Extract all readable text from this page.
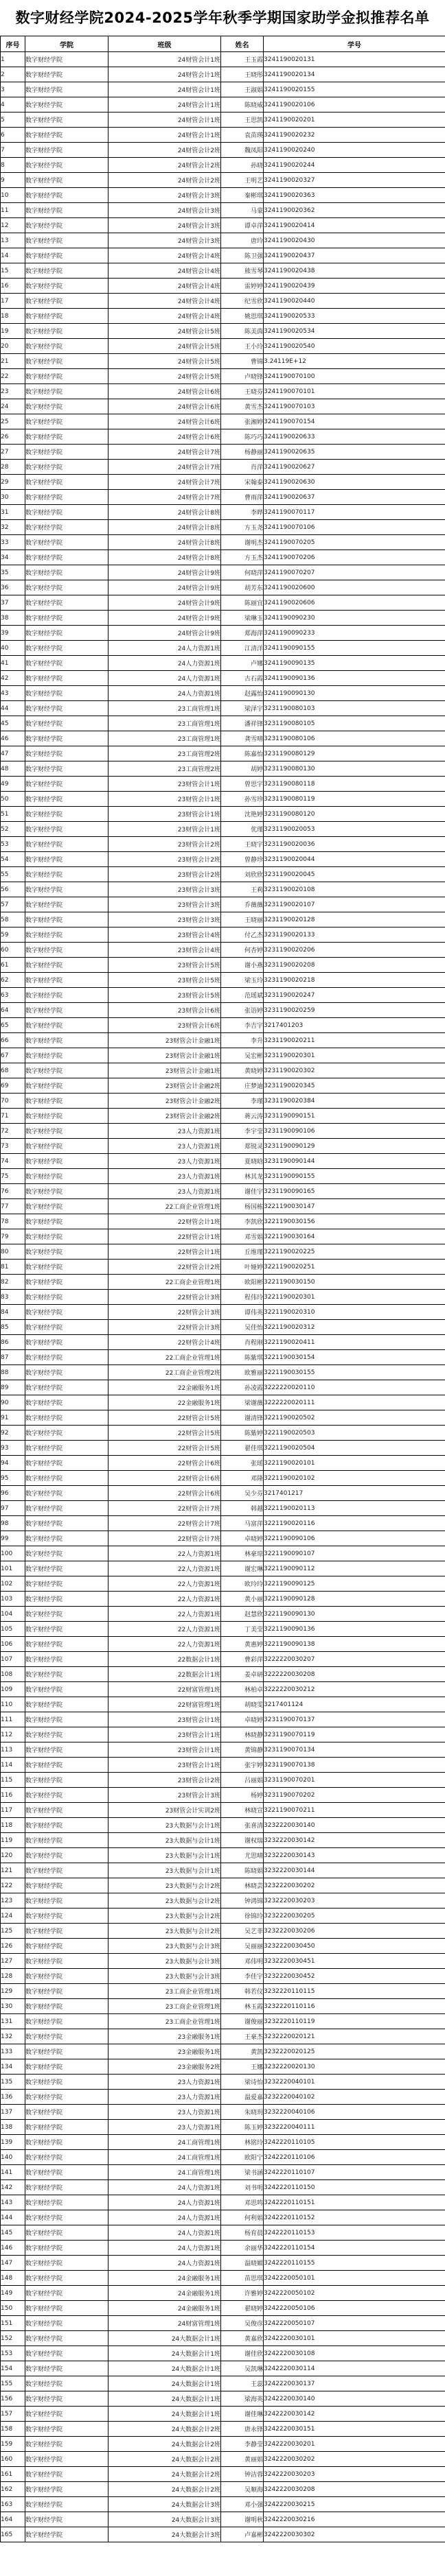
数字财经学院2024-2025学年秋季学期国家助学金拟推荐名单
序号	学院	班级	姓名	学号
1	数字财经学院	24财管会计1班	王玉霞	3241190020131
2	数字财经学院	24财管会计1班	王晓彤	3241190020134
3	数字财经学院	24财管会计1班	王淑娟	3241190020155
4	数字财经学院	24财管会计1班	陈晓威	3241190020106
5	数字财经学院	24财管会计1班	王思凯	3241190020201
6	数字财经学院	24财管会计1班	袁苗瑛	3241190020232
7	数字财经学院	24财管会计2班	魏凤阳	3241190020240
8	数字财经学院	24财管会计2班	孙晓	3241190020244
9	数字财经学院	24财管会计2班	王明艺	3241190020327
10	数字财经学院	24财管会计3班	秦彬琪	3241190020363
11	数字财经学院	24财管会计3班	马蒙	3241190020362
12	数字财经学院	24财管会计3班	谭卓萍	3241190020414
13	数字财经学院	24财管会计3班	唐玲	3241190020430
14	数字财经学院	24财管会计4班	陈卫强	3241190020437
15	数字财经学院	24财管会计4班	熊雪琴	3241190020438
16	数字财经学院	24财管会计4班	雷婷婷	3241190020439
17	数字财经学院	24财管会计4班	纪雪欣	3241190020440
18	数字财经学院	24财管会计4班	姚思琪	3241190020533
19	数字财经学院	24财管会计5班	陈美茵	3241190020534
20	数字财经学院	24财管会计5班	王小玲	3241190020540
21	数字财经学院	24财管会计5班	曹锦	3.24119E+12
22	数字财经学院	24财管会计5班	卢晓锋	3241190070100
23	数字财经学院	24财管会计6班	王晓芬	3241190070101
24	数字财经学院	24财管会计6班	黄雪杰	3241190070103
25	数字财经学院	24财管会计6班	张湘婷	3241190070154
26	数字财经学院	24财管会计6班	陈巧巧	3241190020633
27	数字财经学院	24财管会计7班	杨静丽	3241190020635
28	数字财经学院	24财管会计7班	肖萍	3241190020627
29	数字财经学院	24财管会计7班	宋翰泰	3241190020630
30	数字财经学院	24财管会计7班	曹雨萍	3241190020637
31	数字财经学院	24财管会计8班	李晔	3241190070117
32	数字财经学院	24财管会计8班	方玉尧	3241190070106
33	数字财经学院	24财管会计8班	谢明杰	3241190070205
34	数字财经学院	24财管会计8班	方玉杰	3241190070206
35	数字财经学院	24财管会计9班	何晓萍	3241190070207
36	数字财经学院	24财管会计9班	胡芳东	3241190020600
37	数字财经学院	24财管会计9班	陈丽宜	3241190020606
38	数字财经学院	24财管会计9班	梁琳玉	3241190090230
39	数字财经学院	24财管会计9班	郑海萍	3241190090233
40	数字财经学院	24人力资源1班	江清洋	3241190090155
41	数字财经学院	24人力资源1班	卢娜	3241190090135
42	数字财经学院	24人力资源1班	古石霞	3241190090136
43	数字财经学院	24人力资源1班	赵露怡	3241190090130
44	数字财经学院	23工商管理1班	梁泽宇	3231190080103
45	数字财经学院	23工商管理1班	潘祥锋	3231190080105
46	数字财经学院	23工商管理1班	龚雪晴	3231190080106
47	数字财经学院	23工商管理2班	陈嘉怡	3231190080129
48	数字财经学院	23工商管理2班	胡婷	3231190080130
49	数字财经学院	23财管会计1班	曾思宇	3231190080118
50	数字财经学院	23财管会计1班	孙雪珍	3231190080119
51	数字财经学院	23财管会计1班	沈艳婷	3231190080120
52	数字财经学院	23财管会计1班	优瑾	3231190020053
53	数字财经学院	23财管会计2班	王晓宇	3231190020036
54	数字财经学院	23财管会计2班	曾静珍	3231190020044
55	数字财经学院	23财管会计2班	刘欣欣	3231190020045
56	数字财经学院	23财管会计3班	王莉	3231190020108
57	数字财经学院	23财管会计3班	乔薇薇	3231190020107
58	数字财经学院	23财管会计3班	王晓丽	3231190020128
59	数字财经学院	23财管会计4班	付乙杰	3231190020133
60	数字财经学院	23财管会计4班	何杏婷	3231190020206
61	数字财经学院	23财管会计5班	谢小燕	3231190020208
62	数字财经学院	23财管会计5班	梁玉玲	3231190020218
63	数字财经学院	23财管会计5班	范瑶斌	3231190020247
64	数字财经学院	23财管会计6班	张语婷	3231190020259
65	数字财经学院	23财管会计6班	李吉宇	3217401203
66	数字财经学院	23财管会计金融1班	李升	3231190020211
67	数字财经学院	23财管会计金融1班	吴宏彬	3231190020301
68	数字财经学院	23财管会计金融1班	黄晓婷	3231190020302
69	数字财经学院	23财管会计金融2班	庄梦迪	3231190020345
70	数字财经学院	23财管会计金融2班	李瑾	3231190020384
71	数字财经学院	23财管会计金融2班	蒋云涛	3231190090151
72	数字财经学院	23人力资源1班	李宇莹	3231190090106
73	数字财经学院	23人力资源1班	郑锐灵	3231190090129
74	数字财经学院	23人力资源1班	夏晓晗	3231190090144
75	数字财经学院	23人力资源1班	林其龙	3231190090155
76	数字财经学院	23人力资源1班	谢佳宇	3231190090165
77	数字财经学院	22工商企业管理1班	杨国栋	3221190030147
78	数字财经学院	22财管会计1班	李凯欣	3221190030156
79	数字财经学院	22财管会计1班	邓雪娟	3221190030164
80	数字财经学院	22财管会计1班	丘维瑾	3221190020225
81	数字财经学院	22财管会计2班	叶娅婷	3221190020251
82	数字财经学院	22工商企业管理1班	欧阳彬	3221190030150
83	数字财经学院	22财管会计3班	程伟玲	3221190020301
84	数字财经学院	22财管会计3班	谭伟英	3221190020310
85	数字财经学院	22财管会计3班	吴佳怡	3221190020312
86	数字财经学院	22财管会计4班	肖程刚	3221190020411
87	数字财经学院	22工商企业管理1班	陈紫琪	3221190030154
88	数字财经学院	22工商企业管理2班	欧雅丽	3221190030155
89	数字财经学院	22金融服务1班	孙凌霞	3222220020110
90	数字财经学院	22金融服务1班	梁谢薇	3222220020111
91	数字财经学院	22财管会计5班	谢清锋	3221190020502
92	数字财经学院	22财管会计5班	陈紫婷	3221190020503
93	数字财经学院	22财管会计5班	翟佳琪	3221190020504
94	数字财经学院	22财管会计6班	张瑶	3221190020101
95	数字财经学院	22财管会计6班	邓隆	3221190020102
96	数字财经学院	22财管会计6班	吴少芬	3217401217
97	数字财经学院	22财管会计7班	韩越	3221190020113
98	数字财经学院	22财管会计7班	马富萍	3221190020116
99	数字财经学院	22财管会计7班	卓晓婷	3221190090106
100	数字财经学院	22人力资源1班	林豪琼	3221190090107
101	数字财经学院	22人力资源1班	谢宏琳	3221190090112
102	数字财经学院	22人力资源1班	欧玲玲	3221190090125
103	数字财经学院	22人力资源1班	黄小丽	3221190090128
104	数字财经学院	22人力资源1班	赵慧欣	3221190090130
105	数字财经学院	22人力资源1班	丁美莹	3221190090136
106	数字财经学院	22人力资源1班	黄惠婷	3221190090138
107	数字财经学院	22数据会计1班	曹彩萍	3222220030207
108	数字财经学院	22数据会计1班	姜卓研	3222220030208
109	数字财经学院	22财富管理1班	林柏卓	3222220030212
110	数字财经学院	22财富管理1班	胡晓雯	3217401124
111	数字财经学院	23财管会计1班	卓晓婷	3231190070137
112	数字财经学院	23财管会计1班	林晓静	3231190070119
113	数字财经学院	23财管会计1班	黄锦静	3231190070134
114	数字财经学院	23财管会计1班	张宇婷	3231190070138
115	数字财经学院	23财管会计2班	吕丽娟	3231190070201
116	数字财经学院	23财管会计3班	杨婷	3231190070202
117	数字财经学院	23财管会计实训2班	林晓宣	3221190070211
118	数字财经学院	23大数据与会计1班	张喜清	3232220030140
119	数字财经学院	23大数据与会计1班	谢权瑞	3232220030142
120	数字财经学院	23大数据与会计1班	尤思晴	3232220030143
121	数字财经学院	23大数据与会计1班	陈晓娟	3232220030144
122	数字财经学院	23大数据与会计2班	林晓芸	3232220030202
123	数字财经学院	23大数据与会计2班	钟鸿锦	3232220030203
124	数字财经学院	23大数据与会计2班	徐锦玲	3232220030205
125	数字财经学院	23大数据与会计2班	吴艺菲	3232220030206
126	数字财经学院	23大数据与会计3班	吴丽丽	3232220030450
127	数字财经学院	23大数据与会计3班	邓伟明	3232220030451
128	数字财经学院	23大数据与会计3班	李佳宇	3232220030452
129	数字财经学院	23工商企业管理1班	韩若仪	3232220110115
130	数字财经学院	23工商企业管理1班	林玉霞	3232220110116
131	数字财经学院	23工商企业管理1班	谢俊丽	3232220110119
132	数字财经学院	23金融服务1班	王豪杰	3232220020121
133	数字财经学院	23金融服务1班	黄凯	3232220020125
134	数字财经学院	23金融服务2班	王娜	3232220020130
135	数字财经学院	23人力资源1班	梁诗怡	3232220040101
136	数字财经学院	23人力资源1班	温爱嘉	3232220040102
137	数字财经学院	23人力资源1班	朱晓玥	3232220040106
138	数字财经学院	23人力资源1班	陈玉婷	3232220040111
139	数字财经学院	24工商管理1班	林铭玲	3242220110105
140	数字财经学院	24工商管理1班	欧阳宁	3242220110106
141	数字财经学院	24工商管理1班	梁书涵	3242220110107
142	数字财经学院	24人力资源1班	刘书明	3242220110150
143	数字财经学院	24人力资源1班	邓思鸣	3242220110151
144	数字财经学院	24人力资源1班	何利娟	3242220110152
145	数字财经学院	24人力资源1班	杨育晨	3242220110153
146	数字财经学院	24人力资源1班	余丽华	3242220110154
147	数字财经学院	24人力资源1班	温晓媚	3242220110155
148	数字财经学院	24金融服务1班	苗思琪	3242220050101
149	数字财经学院	24金融服务1班	许雅婷	3242220050102
150	数字财经学院	24金融服务1班	翟晓婷	3242220050106
151	数字财经学院	24财富管理1班	吴俊彦	3242220050107
152	数字财经学院	24大数据会计1班	黄嘉欣	3242220030101
153	数字财经学院	24大数据会计1班	谢佳欣	3242220030108
154	数字财经学院	24大数据会计1班	吴凯琳	3242220030114
155	数字财经学院	24大数据会计1班	王蕊	3242220030137
156	数字财经学院	24大数据会计1班	梁海英	3242220030140
157	数字财经学院	24大数据会计1班	谢佳琳	3242220030142
158	数字财经学院	24大数据会计2班	唐永锋	3242220030151
159	数字财经学院	24大数据会计2班	李静莹	3242220030201
160	数字财经学院	24大数据会计2班	黄丽娟	3242220030202
161	数字财经学院	24大数据会计2班	钟洁蓉	3242220030203
162	数字财经学院	24大数据会计2班	吴顺海	3242220030208
163	数字财经学院	24大数据会计3班	邓小强	3242220030215
164	数字财经学院	24大数据会计3班	谢明秋	3242220030216
165	数字财经学院	24大数据会计3班	卢嘉彬	3242220030302
